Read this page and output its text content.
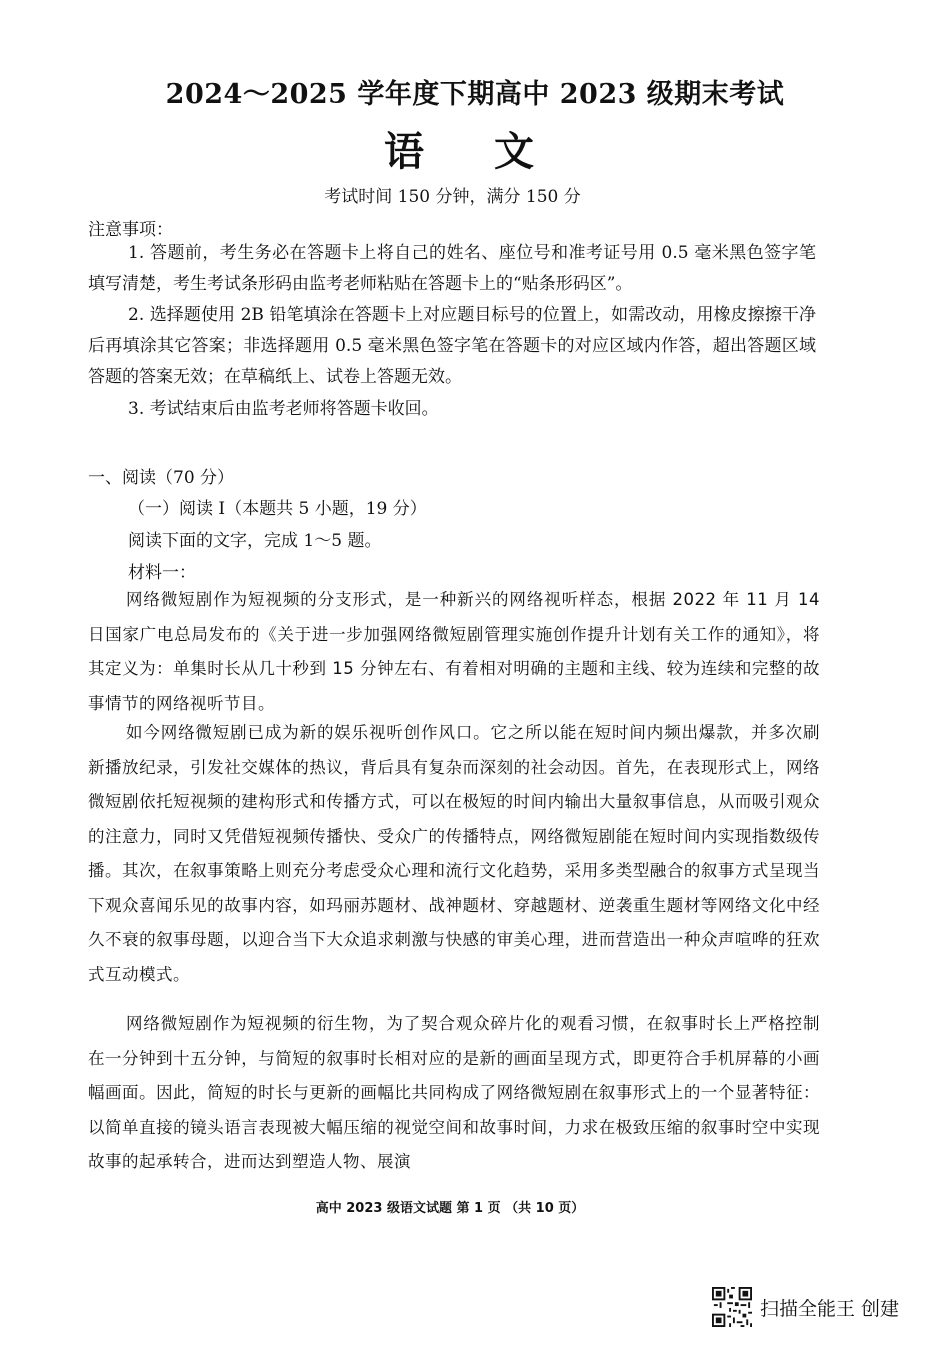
2024～2025 学年度下期高中 2023 级期末考试
语 文
考试时间 150 分钟，满分 150 分
注意事项：
1. 答题前，考生务必在答题卡上将自己的姓名、座位号和准考证号用 0.5 毫米黑色签字笔填写清楚，考生考试条形码由监考老师粘贴在答题卡上的“贴条形码区”。
2. 选择题使用 2B 铅笔填涂在答题卡上对应题目标号的位置上，如需改动，用橡皮擦擦干净后再填涂其它答案；非选择题用 0.5 毫米黑色签字笔在答题卡的对应区域内作答，超出答题区域答题的答案无效；在草稿纸上、试卷上答题无效。
3. 考试结束后由监考老师将答题卡收回。
一、阅读（70 分）
（一）阅读 Ⅰ（本题共 5 小题，19 分）
阅读下面的文字，完成 1～5 题。
材料一：
网络微短剧作为短视频的分支形式，是一种新兴的网络视听样态，根据 2022 年 11 月 14 日国家广电总局发布的《关于进一步加强网络微短剧管理实施创作提升计划有关工作的通知》，将其定义为：单集时长从几十秒到 15 分钟左右、有着相对明确的主题和主线、较为连续和完整的故事情节的网络视听节目。
如今网络微短剧已成为新的娱乐视听创作风口。它之所以能在短时间内频出爆款，并多次刷新播放纪录，引发社交媒体的热议，背后具有复杂而深刻的社会动因。首先，在表现形式上，网络微短剧依托短视频的建构形式和传播方式，可以在极短的时间内输出大量叙事信息，从而吸引观众的注意力，同时又凭借短视频传播快、受众广的传播特点，网络微短剧能在短时间内实现指数级传播。其次，在叙事策略上则充分考虑受众心理和流行文化趋势，采用多类型融合的叙事方式呈现当下观众喜闻乐见的故事内容，如玛丽苏题材、战神题材、穿越题材、逆袭重生题材等网络文化中经久不衰的叙事母题，以迎合当下大众追求刺激与快感的审美心理，进而营造出一种众声喧哗的狂欢式互动模式。
网络微短剧作为短视频的衍生物，为了契合观众碎片化的观看习惯，在叙事时长上严格控制在一分钟到十五分钟，与简短的叙事时长相对应的是新的画面呈现方式，即更符合手机屏幕的小画幅画面。因此，简短的时长与更新的画幅比共同构成了网络微短剧在叙事形式上的一个显著特征：以简单直接的镜头语言表现被大幅压缩的视觉空间和故事时间，力求在极致压缩的叙事时空中实现故事的起承转合，进而达到塑造人物、展演
高中 2023 级语文试题 第 1 页 （共 10 页）
扫描全能王 创建
